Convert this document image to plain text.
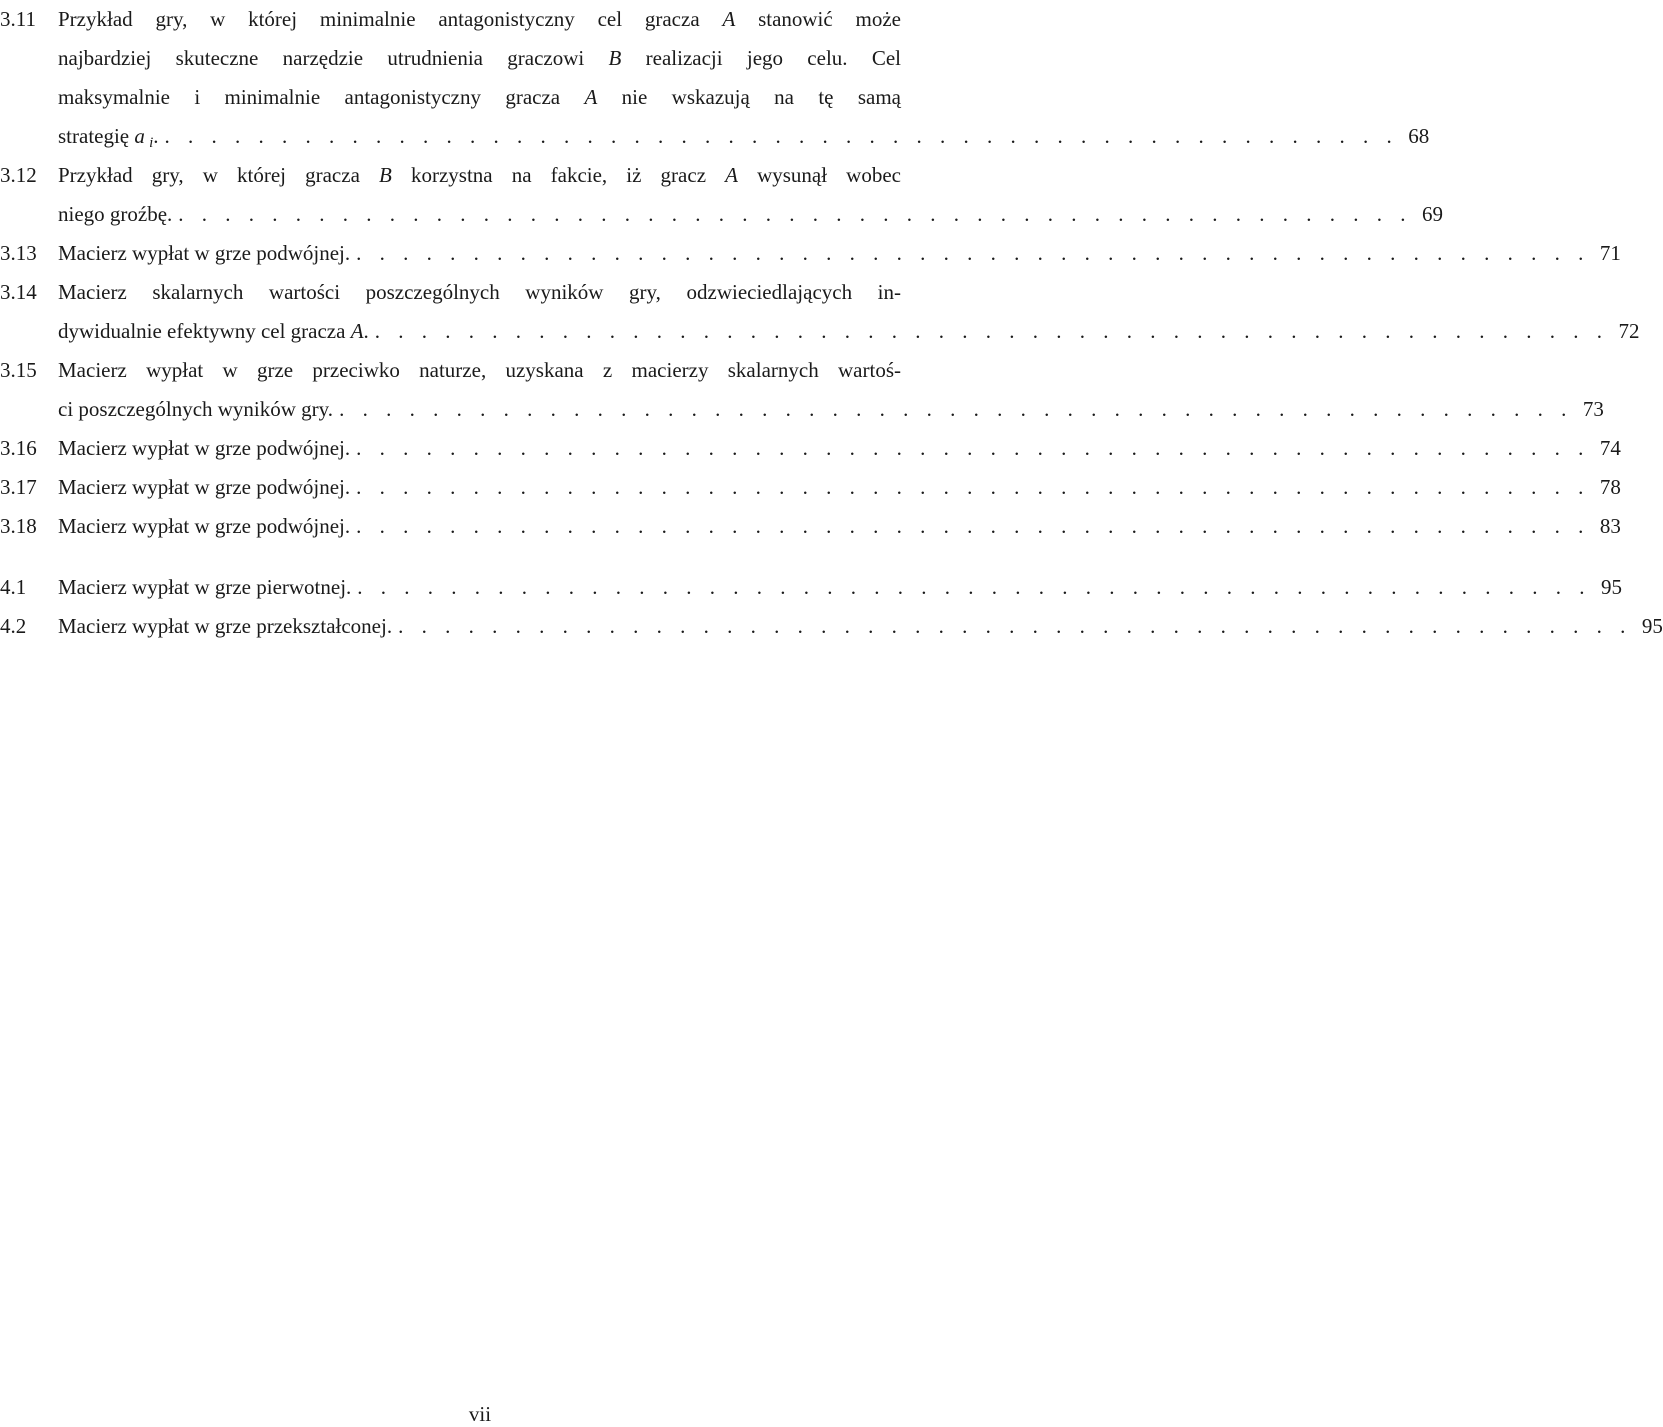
3.11 Przykład gry, w której minimalnie antagonistyczny cel gracza A stanowić może
najbardziej skuteczne narzędzie utrudnienia graczowi B realizacji jego celu. Cel
maksymalnie i minimalnie antagonistyczny gracza A nie wskazują na tę samą
strategię a  i. . . . . . . . . . . . . . . . . . . . . . . . . . . . . . . . . . . . . . . . . . . . . . . . . . . . . . 68
3.12 Przykład gry, w której gracza B korzystna na fakcie, iż gracz A wysunął wobec
niego groźbę. . . . . . . . . . . . . . . . . . . . . . . . . . . . . . . . . . . . . . . . . . . . . . . . . . . . . . 69
3.13 Macierz wypłat w grze podwójnej. . . . . . . . . . . . . . . . . . . . . . . . . . . . . . . . . . . . . . . . . . . . . . . . . . . . . . 71
3.14 Macierz skalarnych wartości poszczególnych wyników gry, odzwieciedlających in-
dywidualnie efektywny cel gracza A. . . . . . . . . . . . . . . . . . . . . . . . . . . . . . . . . . . . . . . . . . . . . . . . . . . . . . 72
3.15 Macierz wypłat w grze przeciwko naturze, uzyskana z macierzy skalarnych wartoś-
ci poszczególnych wyników gry. . . . . . . . . . . . . . . . . . . . . . . . . . . . . . . . . . . . . . . . . . . . . . . . . . . . . . 73
3.16 Macierz wypłat w grze podwójnej. . . . . . . . . . . . . . . . . . . . . . . . . . . . . . . . . . . . . . . . . . . . . . . . . . . . . . 74
3.17 Macierz wypłat w grze podwójnej. . . . . . . . . . . . . . . . . . . . . . . . . . . . . . . . . . . . . . . . . . . . . . . . . . . . . . 78
3.18 Macierz wypłat w grze podwójnej. . . . . . . . . . . . . . . . . . . . . . . . . . . . . . . . . . . . . . . . . . . . . . . . . . . . . . 83
4.1 Macierz wypłat w grze pierwotnej. . . . . . . . . . . . . . . . . . . . . . . . . . . . . . . . . . . . . . . . . . . . . . . . . . . . . . 95
4.2 Macierz wypłat w grze przekształconej. . . . . . . . . . . . . . . . . . . . . . . . . . . . . . . . . . . . . . . . . . . . . . . . . . . . . . 95
vii
